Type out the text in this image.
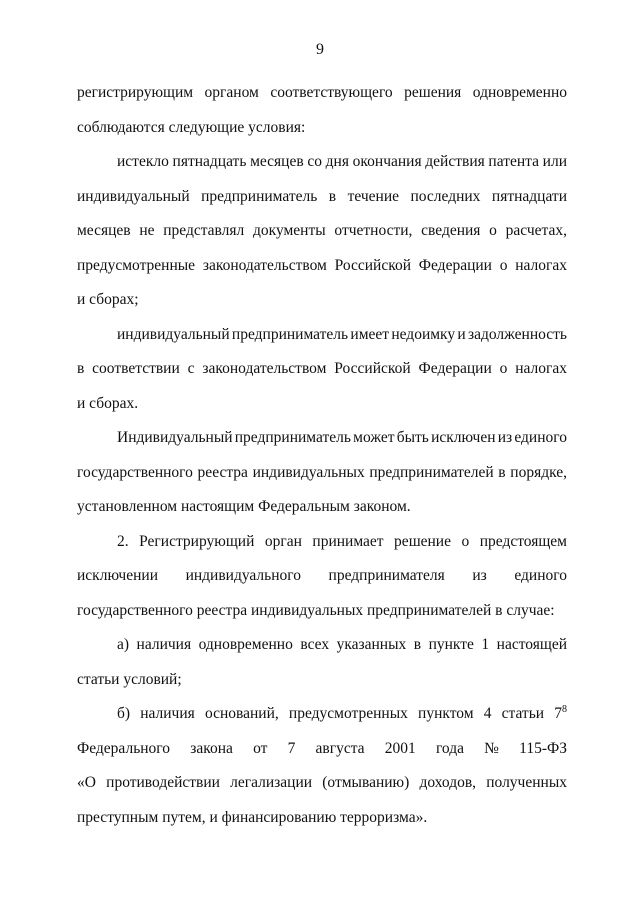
9
регистрирующим органом соответствующего решения одновременно
соблюдаются следующие условия:
истекло пятнадцать месяцев со дня окончания действия патента или
индивидуальный предприниматель в течение последних пятнадцати
месяцев не представлял документы отчетности, сведения о расчетах,
предусмотренные законодательством Российской Федерации о налогах
и сборах;
индивидуальный предприниматель имеет недоимку и задолженность
в соответствии с законодательством Российской Федерации о налогах
и сборах.
Индивидуальный предприниматель может быть исключен из единого
государственного реестра индивидуальных предпринимателей в порядке,
установленном настоящим Федеральным законом.
2. Регистрирующий орган принимает решение о предстоящем
исключении индивидуального предпринимателя из единого
государственного реестра индивидуальных предпринимателей в случае:
а) наличия одновременно всех указанных в пункте 1 настоящей
статьи условий;
б) наличия оснований, предусмотренных пунктом 4 статьи $7^8$
Федерального закона от 7 августа 2001 года № 115-ФЗ
«О противодействии легализации (отмыванию) доходов, полученных
преступным путем, и финансированию терроризма».
